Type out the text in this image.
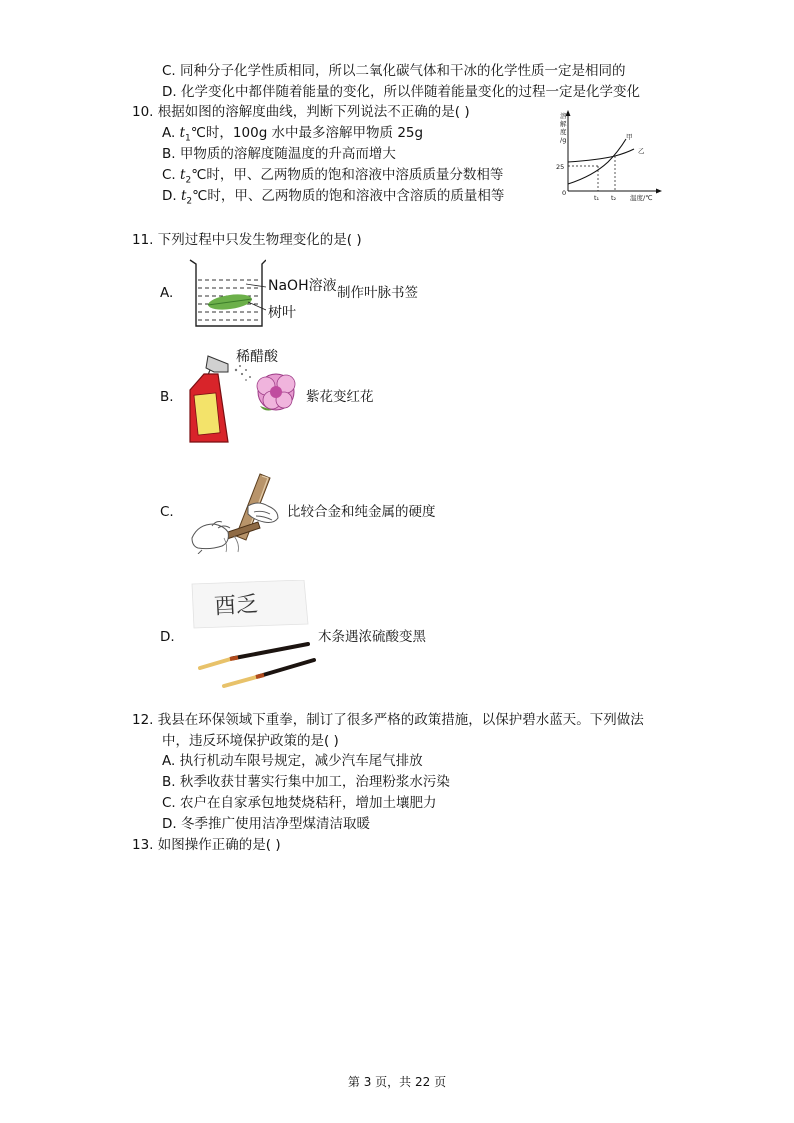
C. 同种分子化学性质相同，所以二氧化碳气体和干冰的化学性质一定是相同的
D. 化学变化中都伴随着能量的变化，所以伴随着能量变化的过程一定是化学变化
10. 根据如图的溶解度曲线，判断下列说法不正确的是( )
A. $t_1℃$时，100g 水中最多溶解甲物质 25g
B. 甲物质的溶解度随温度的升高而增大
C. $t_2℃$时，甲、乙两物质的饱和溶液中溶质质量分数相等
D. $t_2℃$时，甲、乙两物质的饱和溶液中含溶质的质量相等
溶
解
度
/g
25
0
t₁ t₂ 温度/℃
甲
乙
11. 下列过程中只发生物理变化的是( )
A.	NaOH溶液 制作叶脉书签
树叶
B.
稀醋酸
紫花变红花
C.	比较合金和纯金属的硬度
D.
酉乏
木条遇浓硫酸变黑
12. 我县在环保领域下重拳，制订了很多严格的政策措施，以保护碧水蓝天。下列做法
中，违反环境保护政策的是( )
A. 执行机动车限号规定，减少汽车尾气排放
B. 秋季收获甘薯实行集中加工，治理粉浆水污染
C. 农户在自家承包地焚烧秸秆，增加土壤肥力
D. 冬季推广使用洁净型煤清洁取暖
13. 如图操作正确的是( )
第 3 页，共 22 页
